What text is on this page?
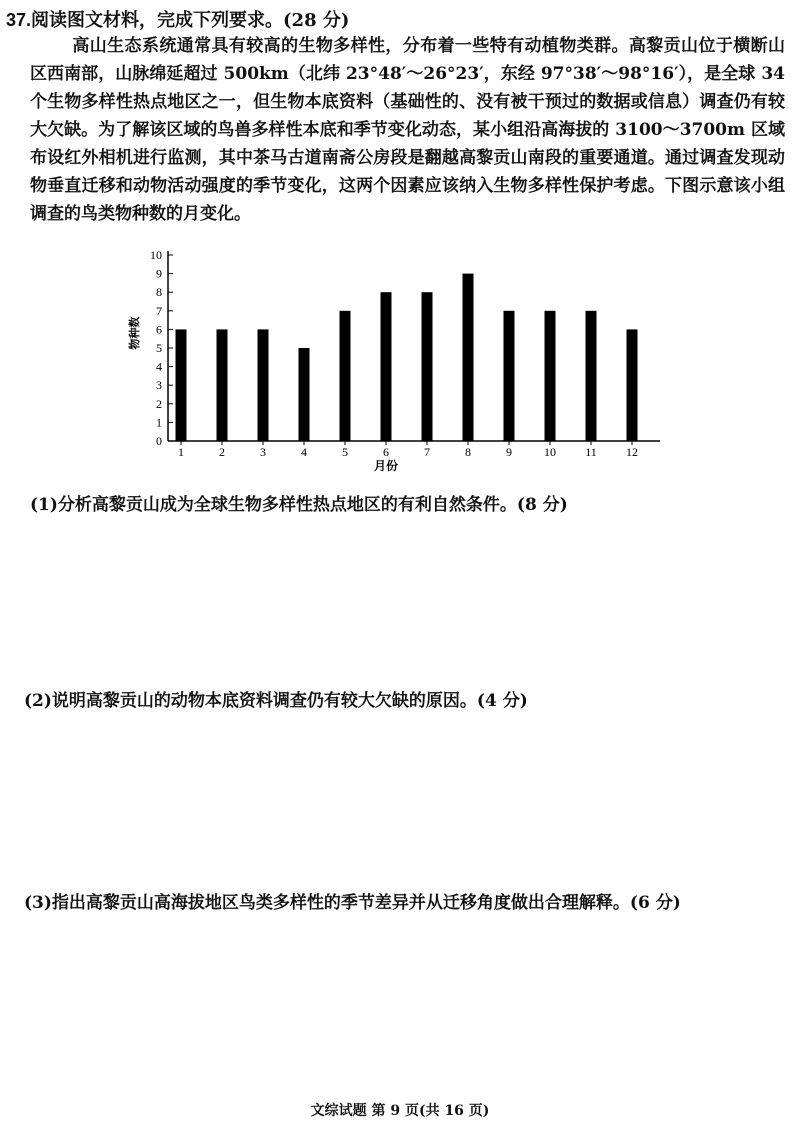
37.阅读图文材料，完成下列要求。(28 分)

高山生态系统通常具有较高的生物多样性，分布着一些特有动植物类群。高黎贡山位于横断山区西南部，山脉绵延超过 500km（北纬 23°48′～26°23′，东经 97°38′～98°16′），是全球 34 个生物多样性热点地区之一，但生物本底资料（基础性的、没有被干预过的数据或信息）调查仍有较大欠缺。为了解该区域的鸟兽多样性本底和季节变化动态，某小组沿高海拔的 3100～3700m 区域布设红外相机进行监测，其中茶马古道南斋公房段是翻越高黎贡山南段的重要通道。通过调查发现动物垂直迁移和动物活动强度的季节变化，这两个因素应该纳入生物多样性保护考虑。下图示意该小组调查的鸟类物种数的月变化。

0
1
2
3
4
5
6
7
8
9
10
物种数
1	2	3	4	5	6	7	8	9	10 11 12
月份
(1)分析高黎贡山成为全球生物多样性热点地区的有利自然条件。(8 分)
(2)说明高黎贡山的动物本底资料调查仍有较大欠缺的原因。(4 分)
(3)指出高黎贡山高海拔地区鸟类多样性的季节差异并从迁移角度做出合理解释。(6 分)
文综试题 第 9 页(共 16 页)
